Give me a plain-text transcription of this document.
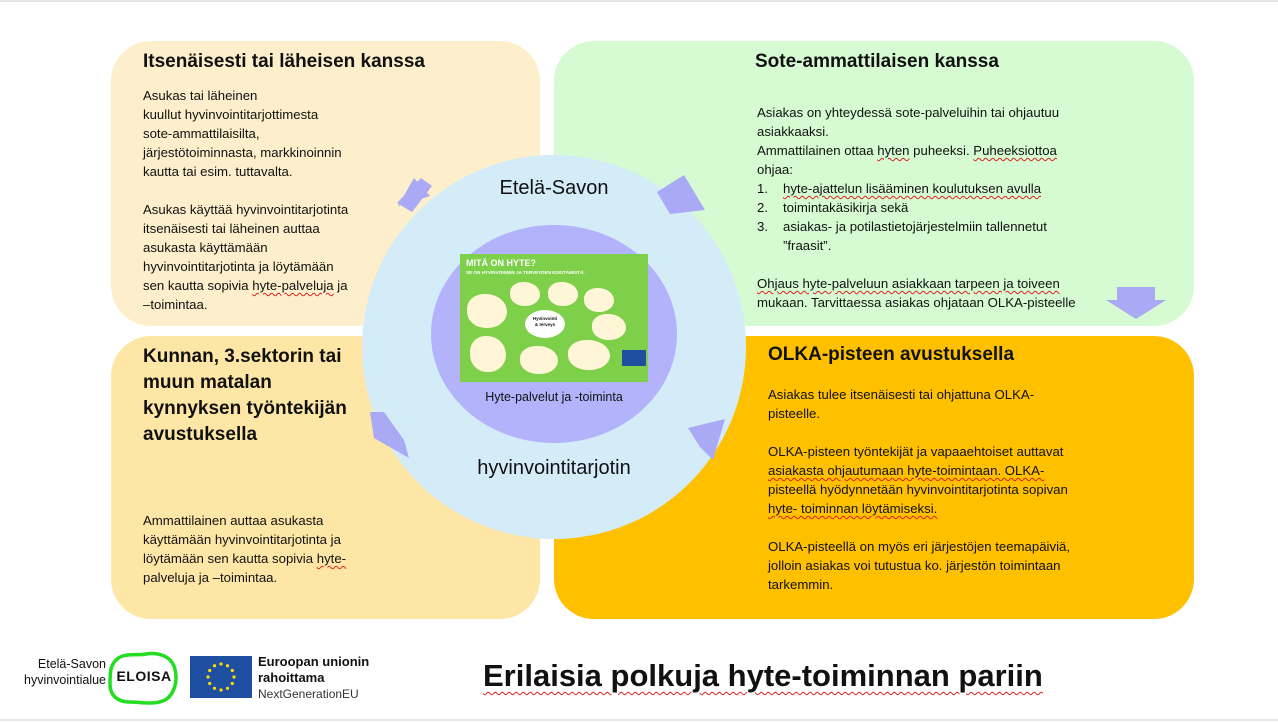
Itsenäisesti tai läheisen kanssa
Asukas tai läheinen
kuullut hyvinvointitarjottimesta
sote-ammattilaisilta,
järjestötoiminnasta, markkinoinnin
kautta tai esim. tuttavalta.
Asukas käyttää hyvinvointitarjotinta
itsenäisesti tai läheinen auttaa
asukasta käyttämään
hyvinvointitarjotinta ja löytämään
sen kautta sopivia hyte-palveluja ja
–toimintaa.
Sote-ammattilaisen kanssa
Asiakas on yhteydessä sote-palveluihin tai ohjautuu
asiakkaaksi.
Ammattilainen ottaa hyten puheeksi. Puheeksiottoa
ohjaa:
1. hyte-ajattelun lisääminen koulutuksen avulla
2. toimintakäsikirja sekä
3. asiakas- ja potilastietojärjestelmiin tallennetut
”fraasit”.
Ohjaus hyte-palveluun asiakkaan tarpeen ja toiveen
mukaan. Tarvittaessa asiakas ohjataan OLKA-pisteelle
Kunnan, 3.sektorin tai
muun matalan
kynnyksen työntekijän
avustuksella
Ammattilainen auttaa asukasta
käyttämään hyvinvointitarjotinta ja
löytämään sen kautta sopivia hyte-
palveluja ja –toimintaa.
OLKA-pisteen avustuksella
Asiakas tulee itsenäisesti tai ohjattuna OLKA-
pisteelle.
OLKA-pisteen työntekijät ja vapaaehtoiset auttavat
asiakasta ohjautumaan hyte-toimintaan. OLKA-
pisteellä hyödynnetään hyvinvointitarjotinta sopivan
hyte- toiminnan löytämiseksi.
OLKA-pisteellä on myös eri järjestöjen teemapäiviä,
jolloin asiakas voi tutustua ko. järjestön toimintaan
tarkemmin.
Etelä-Savon
hyvinvointitarjotin
MITÄ ON HYTE?
SE ON HYVINVOINNIN JA TERVEYDEN EDISTÄMISTÄ.
Hyvinvointi
& terveys
Hyte-palvelut ja -toiminta
Etelä-Savon
hyvinvointialue ELOISA
Euroopan unionin
rahoittama
NextGenerationEU
Erilaisia polkuja hyte-toiminnan pariin
